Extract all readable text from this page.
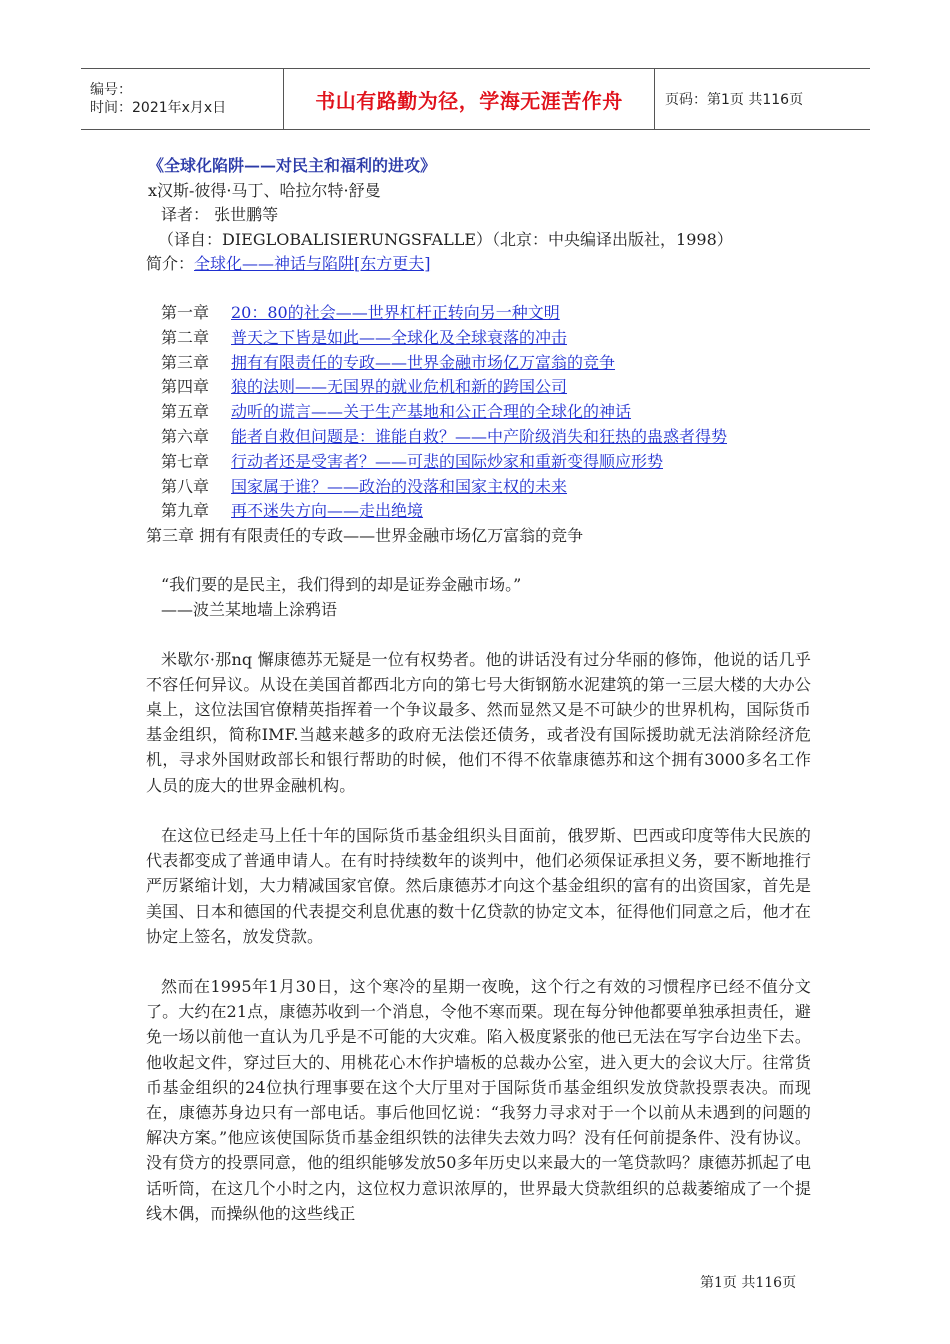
编号：
时间：2021年x月x日	书山有路勤为径，学海无涯苦作舟	页码：第1页 共116页
《全球化陷阱——对民主和福利的进攻》
x汉斯-彼得·马丁、哈拉尔特·舒曼
译者： 张世鹏等
（译自：DIEGLOBALISIERUNGSFALLE）（北京：中央编译出版社，1998）
简介：全球化——神话与陷阱[东方更夫]
第一章 20：80的社会——世界杠杆正转向另一种文明
第二章 普天之下皆是如此——全球化及全球衰落的冲击
第三章 拥有有限责任的专政——世界金融市场亿万富翁的竞争
第四章 狼的法则——无国界的就业危机和新的跨国公司
第五章 动听的谎言——关于生产基地和公正合理的全球化的神话
第六章 能者自救但问题是：谁能自救？——中产阶级消失和狂热的蛊惑者得势
第七章 行动者还是受害者？——可悲的国际炒家和重新变得顺应形势
第八章 国家属于谁？——政治的没落和国家主权的未来
第九章 再不迷失方向——走出绝境
第三章 拥有有限责任的专政——世界金融市场亿万富翁的竞争
“我们要的是民主，我们得到的却是证券金融市场。”
——波兰某地墙上涂鸦语

米歇尔·那nq 懈康德苏无疑是一位有权势者。他的讲话没有过分华丽的修饰，他说的话几乎不容任何异议。从设在美国首都西北方向的第七号大街钢筋水泥建筑的第一三层大楼的大办公桌上，这位法国官僚精英指挥着一个争议最多、然而显然又是不可缺少的世界机构，国际货币基金组织，简称IMF.当越来越多的政府无法偿还债务，或者没有国际援助就无法消除经济危机，寻求外国财政部长和银行帮助的时候，他们不得不依靠康德苏和这个拥有3000多名工作人员的庞大的世界金融机构。

在这位已经走马上任十年的国际货币基金组织头目面前，俄罗斯、巴西或印度等伟大民族的代表都变成了普通申请人。在有时持续数年的谈判中，他们必须保证承担义务，要不断地推行严厉紧缩计划，大力精减国家官僚。然后康德苏才向这个基金组织的富有的出资国家，首先是美国、日本和德国的代表提交利息优惠的数十亿贷款的协定文本，征得他们同意之后，他才在协定上签名，放发贷款。

然而在1995年1月30日，这个寒冷的星期一夜晚，这个行之有效的习惯程序已经不值分文了。大约在21点，康德苏收到一个消息，令他不寒而栗。现在每分钟他都要单独承担责任，避免一场以前他一直认为几乎是不可能的大灾难。陷入极度紧张的他已无法在写字台边坐下去。他收起文件，穿过巨大的、用桃花心木作护墙板的总裁办公室，进入更大的会议大厅。往常货币基金组织的24位执行理事要在这个大厅里对于国际货币基金组织发放贷款投票表决。而现在，康德苏身边只有一部电话。事后他回忆说：“我努力寻求对于一个以前从未遇到的问题的解决方案。”他应该使国际货币基金组织铁的法律失去效力吗？没有任何前提条件、没有协议。没有贷方的投票同意，他的组织能够发放50多年历史以来最大的一笔贷款吗？康德苏抓起了电话听筒，在这几个小时之内，这位权力意识浓厚的，世界最大贷款组织的总裁萎缩成了一个提线木偶，而操纵他的这些线正

第1页 共116页
